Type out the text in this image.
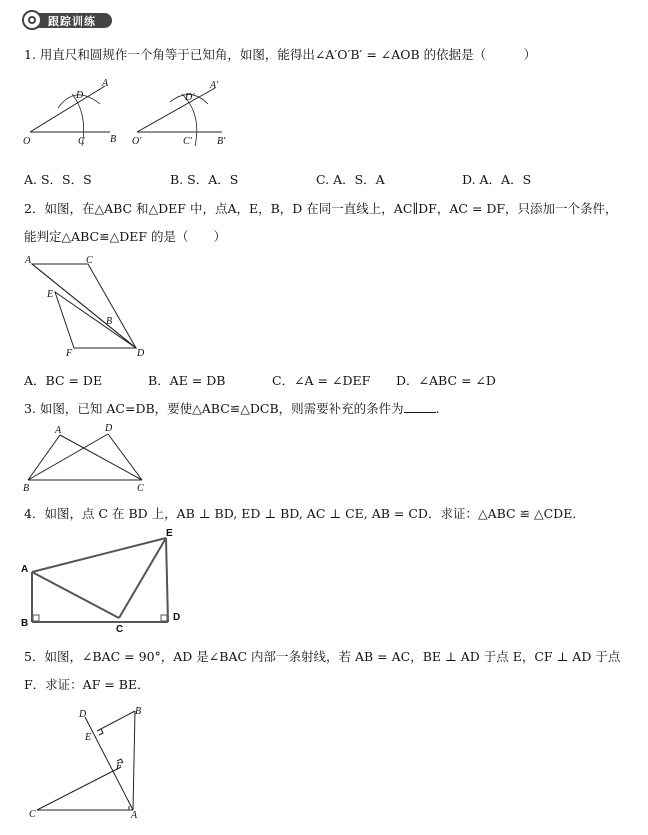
跟踪训练
1. 用直尺和圆规作一个角等于已知角，如图，能得出∠A′O′B′ = ∠AOB 的依据是（　　　）
A
D
O	C	B
A′
D′
O′	C′	B′
A. S．S．S	B. S．A．S	C. A．S．A	D. A．A．S
2．如图，在△ABC 和△DEF 中，点A，E，B，D 在同一直线上，AC∥DF，AC = DF，只添加一个条件，
能判定△ABC≌△DEF 的是（　　）
A	C
E
B
F	D
A．BC = DE	B．AE = DB	C．∠A = ∠DEF D．∠ABC = ∠D
3. 如图，已知 AC=DB，要使△ABC≌△DCB，则需要补充的条件为	.
A	D
B	C
4．如图，点 C 在 BD 上，AB ⊥ BD, ED ⊥ BD, AC ⊥ CE, AB = CD．求证：△ABC ≌ △CDE．
A
E
B
C
D
5．如图，∠BAC = 90°，AD 是∠BAC 内部一条射线，若 AB = AC，BE ⊥ AD 于点 E，CF ⊥ AD 于点
F．求证：AF = BE．
D	B
E
F
C	A
